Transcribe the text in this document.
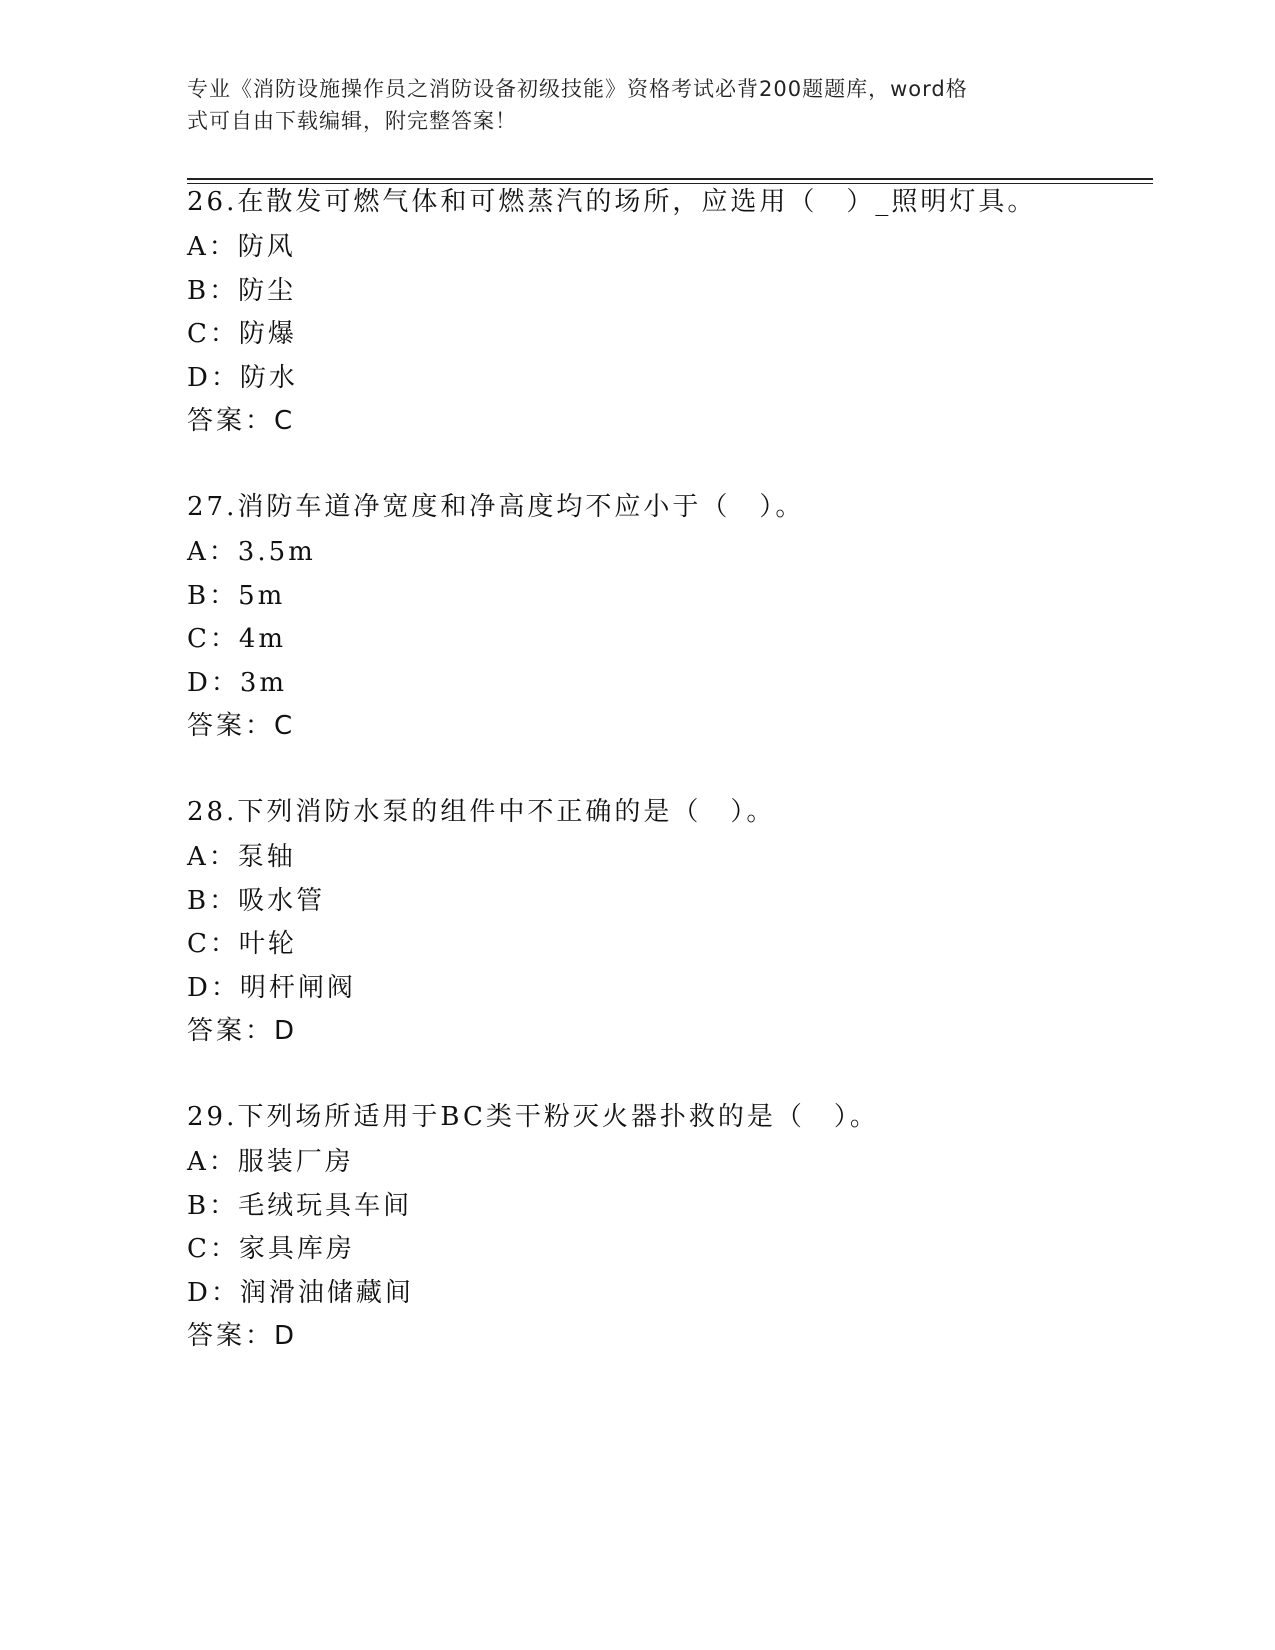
专业《消防设施操作员之消防设备初级技能》资格考试必背200题题库，word格
式可自由下载编辑，附完整答案！
26.在散发可燃气体和可燃蒸汽的场所，应选用（　）_照明灯具。
A：防风
B：防尘
C：防爆
D：防水
答案：C
27.消防车道净宽度和净高度均不应小于（　）。
A：3.5m
B：5m
C：4m
D：3m
答案：C
28.下列消防水泵的组件中不正确的是（　）。
A：泵轴
B：吸水管
C：叶轮
D：明杆闸阀
答案：D
29.下列场所适用于BC类干粉灭火器扑救的是（　）。
A：服装厂房
B：毛绒玩具车间
C：家具库房
D：润滑油储藏间
答案：D
